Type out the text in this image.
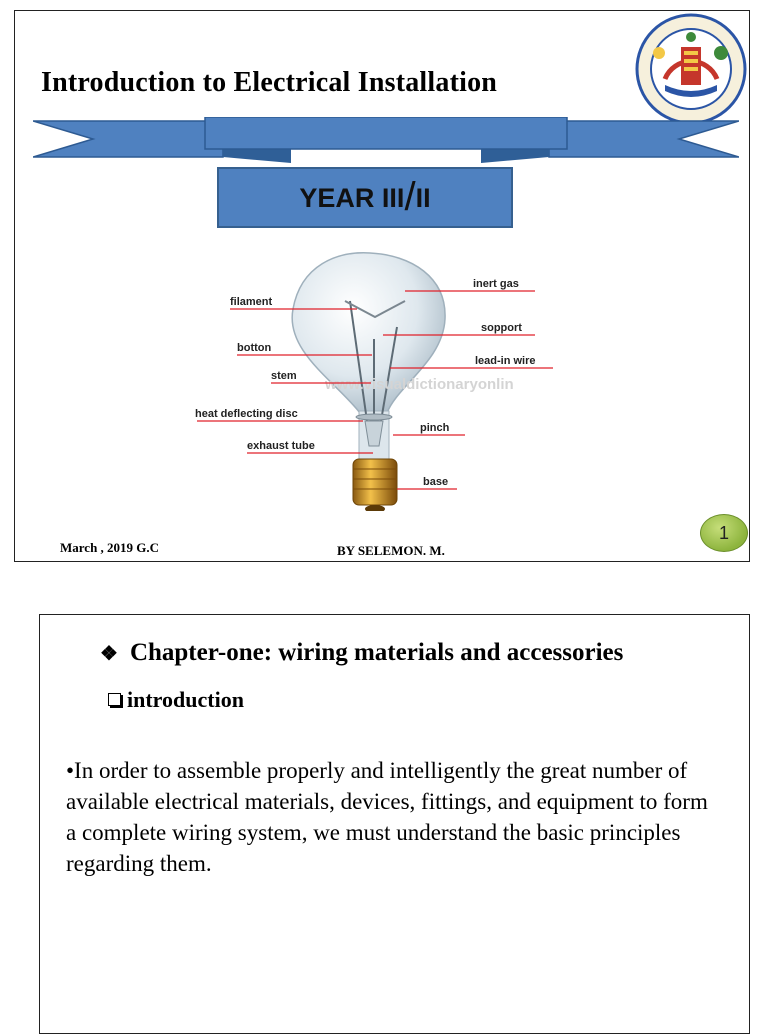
Introduction to Electrical Installation
YEAR III/II
www.visualdictionaryonlin
inert gas
filament
sopport
botton
lead-in wire
stem
heat deflecting disc
pinch
exhaust tube
base
March , 2019 G.C	BY SELEMON. M.
1
❖ Chapter-one: wiring materials and accessories
introduction
•In order to assemble properly and intelligently the great number of available electrical materials, devices, fittings, and equipment to form a complete wiring system, we must understand the basic principles regarding them.
